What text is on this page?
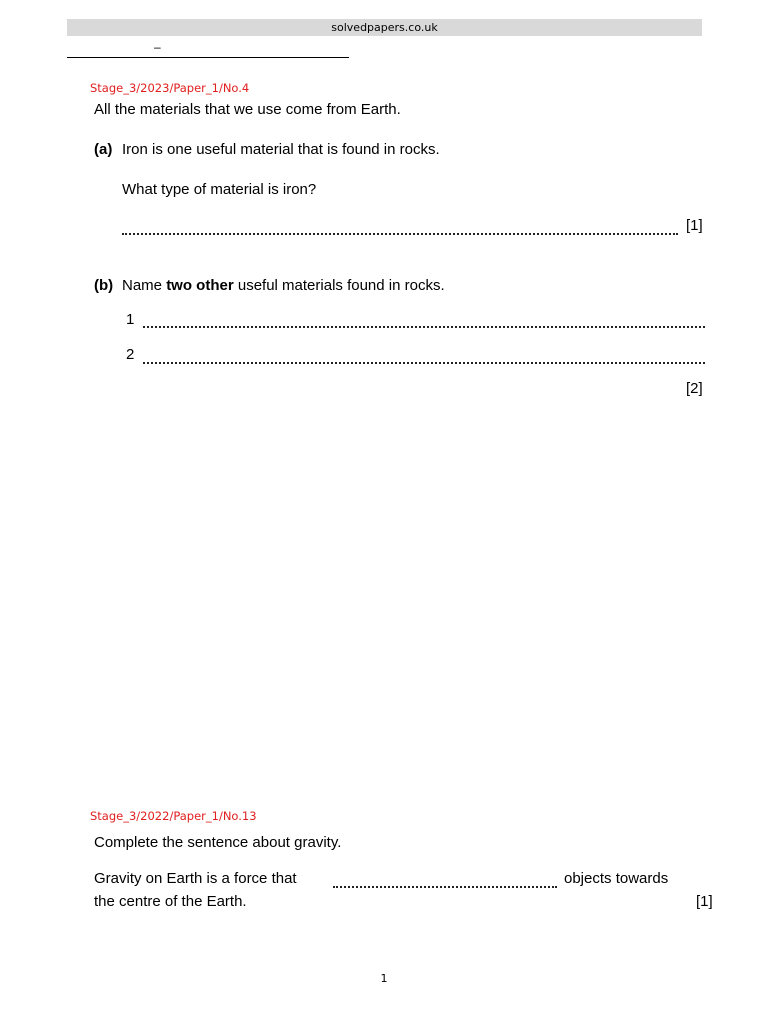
solvedpapers.co.uk
–
Stage_3/2023/Paper_1/No.4
All the materials that we use come from Earth.
(a) Iron is one useful material that is found in rocks.
What type of material is iron?
[1]
(b) Name two other useful materials found in rocks.
1
2
[2]
Stage_3/2022/Paper_1/No.13
Complete the sentence about gravity.
Gravity on Earth is a force that	objects towards
the centre of the Earth.	[1]
1
